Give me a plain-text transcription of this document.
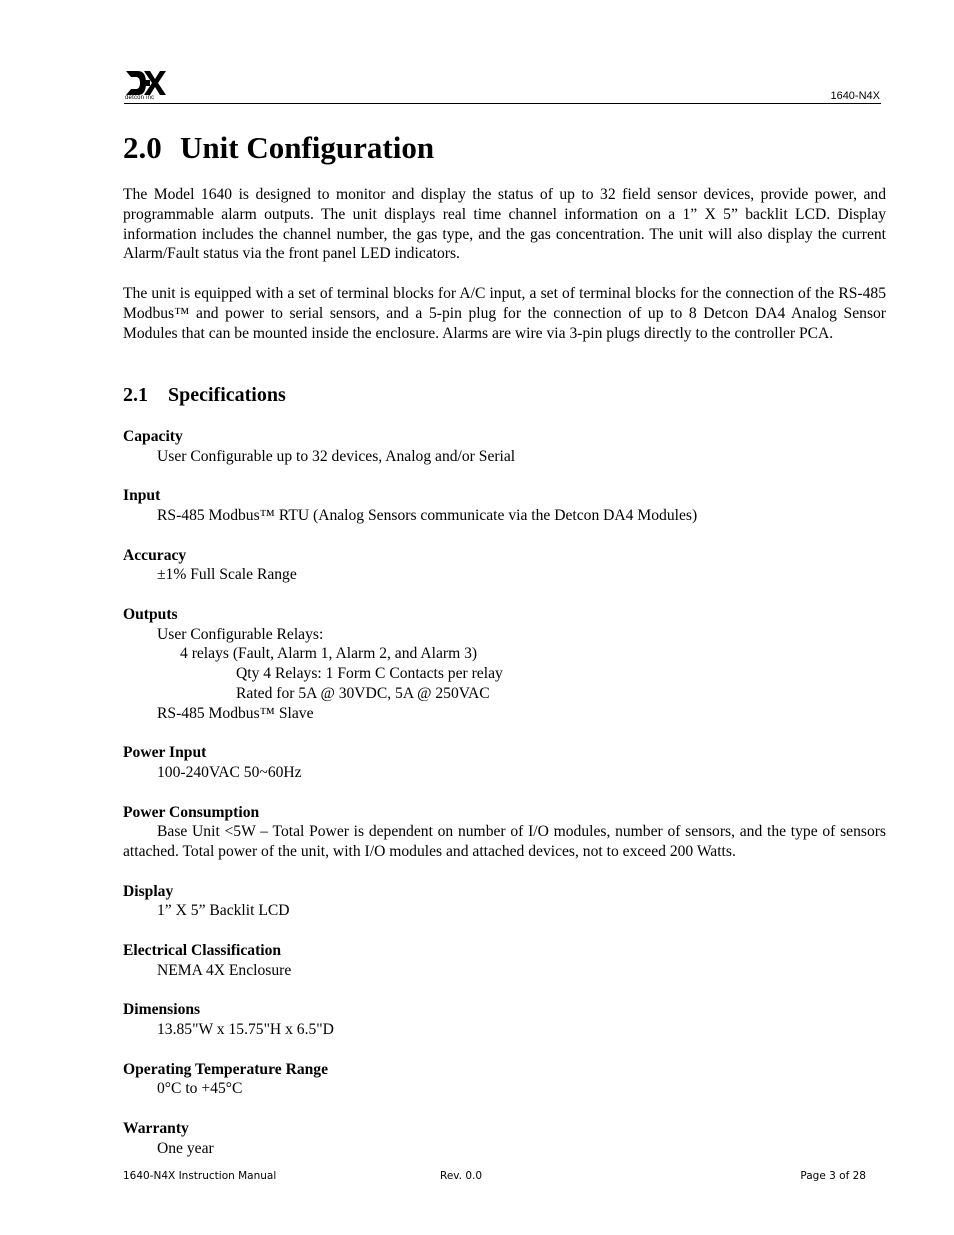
detcon inc	1640-N4X
2.0 Unit Configuration

The Model 1640 is designed to monitor and display the status of up to 32 field sensor devices, provide power, and programmable alarm outputs. The unit displays real time channel information on a 1” X 5” backlit LCD. Display information includes the channel number, the gas type, and the gas concentration. The unit will also display the current Alarm/Fault status via the front panel LED indicators.

The unit is equipped with a set of terminal blocks for A/C input, a set of terminal blocks for the connection of the RS-485 Modbus™ and power to serial sensors, and a 5-pin plug for the connection of up to 8 Detcon DA4 Analog Sensor Modules that can be mounted inside the enclosure. Alarms are wire via 3-pin plugs directly to the controller PCA.

2.1 Specifications
Capacity
User Configurable up to 32 devices, Analog and/or Serial
Input
RS-485 Modbus™ RTU (Analog Sensors communicate via the Detcon DA4 Modules)
Accuracy
±1% Full Scale Range
Outputs
User Configurable Relays:
4 relays (Fault, Alarm 1, Alarm 2, and Alarm 3)
Qty 4 Relays: 1 Form C Contacts per relay
Rated for 5A @ 30VDC, 5A @ 250VAC
RS-485 Modbus™ Slave
Power Input
100-240VAC 50~60Hz
Power Consumption
Base Unit <5W – Total Power is dependent on number of I/O modules, number of sensors, and the type of sensors attached. Total power of the unit, with I/O modules and attached devices, not to exceed 200 Watts.
Display
1” X 5” Backlit LCD
Electrical Classification
NEMA 4X Enclosure
Dimensions
13.85"W x 15.75"H x 6.5"D
Operating Temperature Range
0°C to +45°C
Warranty
One year
1640-N4X Instruction Manual	Rev. 0.0	Page 3 of 28
